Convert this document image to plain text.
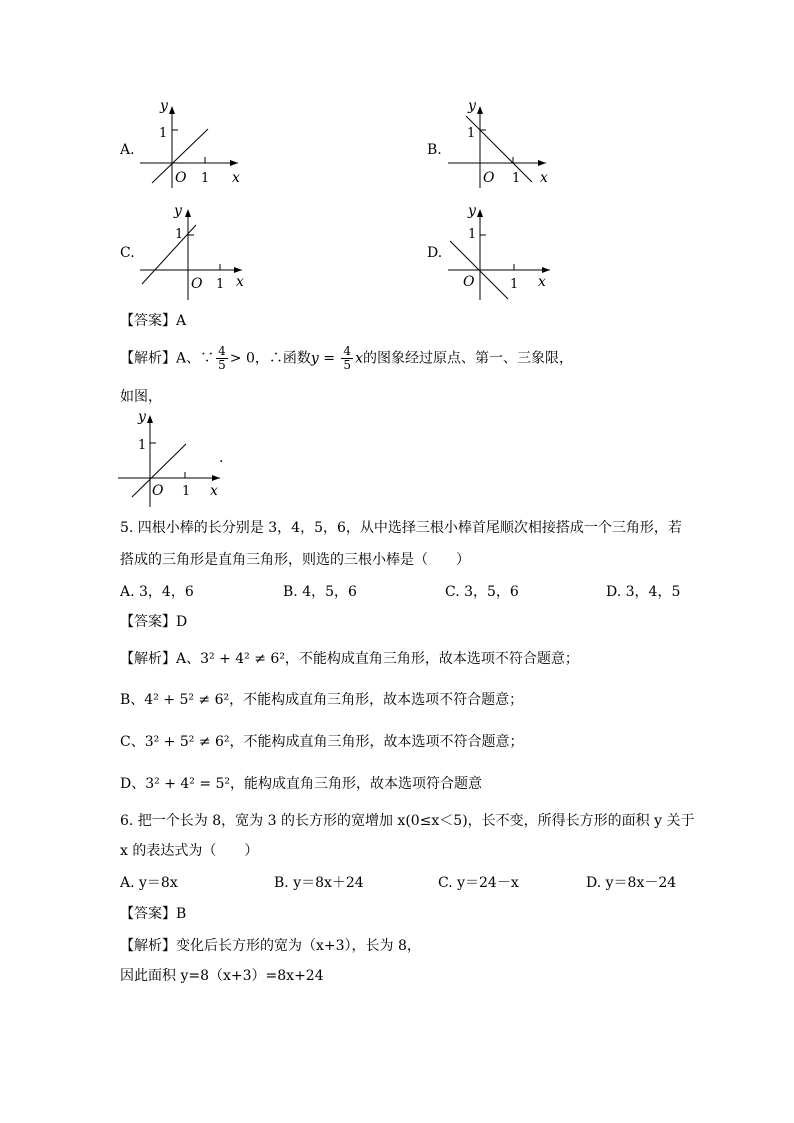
A.
y
1
O 1 x
B.
y
1
O 1 x
C.
y
1
O 1 x
D.
y
1
O	1 x
【答案】A
【解析】A、∵ $\frac{4}{5} > 0$，∴函数$y = \frac{4}{5}$ x的图象经过原点、第一、三象限，
如图，
y
1
O 1 x
.
5. 四根小棒的长分别是 3，4，5，6，从中选择三根小棒首尾顺次相接搭成一个三角形，若
搭成的三角形是直角三角形，则选的三根小棒是（　　）
A. 3，4，6	B. 4，5，6	C. 3，5，6	D. 3，4，5
【答案】D
【解析】A、3² + 4² ≠ 6²，不能构成直角三角形，故本选项不符合题意；
B、4² + 5² ≠ 6²，不能构成直角三角形，故本选项不符合题意；
C、3² + 5² ≠ 6²，不能构成直角三角形，故本选项不符合题意；
D、3² + 4² = 5²，能构成直角三角形，故本选项符合题意
6. 把一个长为 8，宽为 3 的长方形的宽增加 x(0≤x＜5)，长不变，所得长方形的面积 y 关于
x 的表达式为（　　）
A. y＝8x	B. y＝8x＋24	C. y＝24－x	D. y＝8x－24
【答案】B
【解析】变化后长方形的宽为（x+3），长为 8，
因此面积 y=8（x+3）=8x+24
